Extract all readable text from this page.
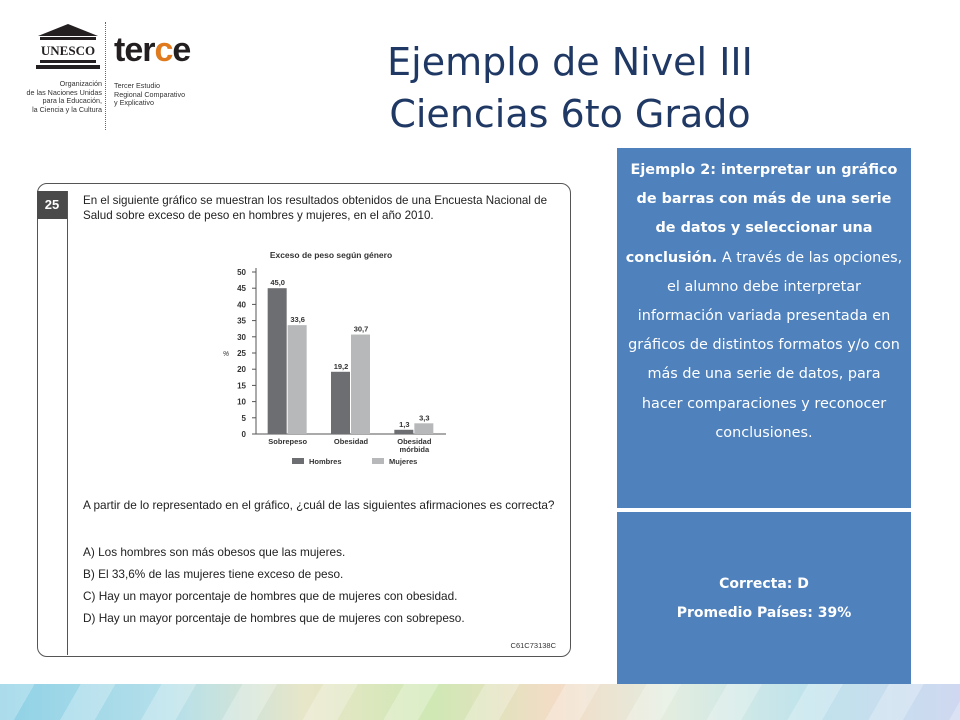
UNESCO
Organización
de las Naciones Unidas
para la Educación,
la Ciencia y la Cultura
terce
Tercer Estudio
Regional Comparativo
y Explicativo
Ejemplo de Nivel III
Ciencias 6to Grado
25	En el siguiente gráfico se muestran los resultados obtenidos de una Encuesta Nacional de Salud sobre exceso de peso en hombres y mujeres, en el año 2010.
Exceso de peso según género
0
5
10
15
20
25
30
35
40
45
50
%
45,0
33,6
Sobrepeso
19,2
30,7
Obesidad
1,3
3,3
Obesidad
mórbida
Hombres	Mujeres
A partir de lo representado en el gráfico, ¿cuál de las siguientes afirmaciones es correcta?
A) Los hombres son más obesos que las mujeres.
B) El 33,6% de las mujeres tiene exceso de peso.
C) Hay un mayor porcentaje de hombres que de mujeres con obesidad.
D) Hay un mayor porcentaje de hombres que de mujeres con sobrepeso.
C61C73138C
Ejemplo 2: interpretar un gráfico de barras con más de una serie de datos y seleccionar una conclusión. A través de las opciones, el alumno debe interpretar información variada presentada en gráficos de distintos formatos y/o con más de una serie de datos, para hacer comparaciones y reconocer conclusiones.
Correcta: D
Promedio Países: 39%
